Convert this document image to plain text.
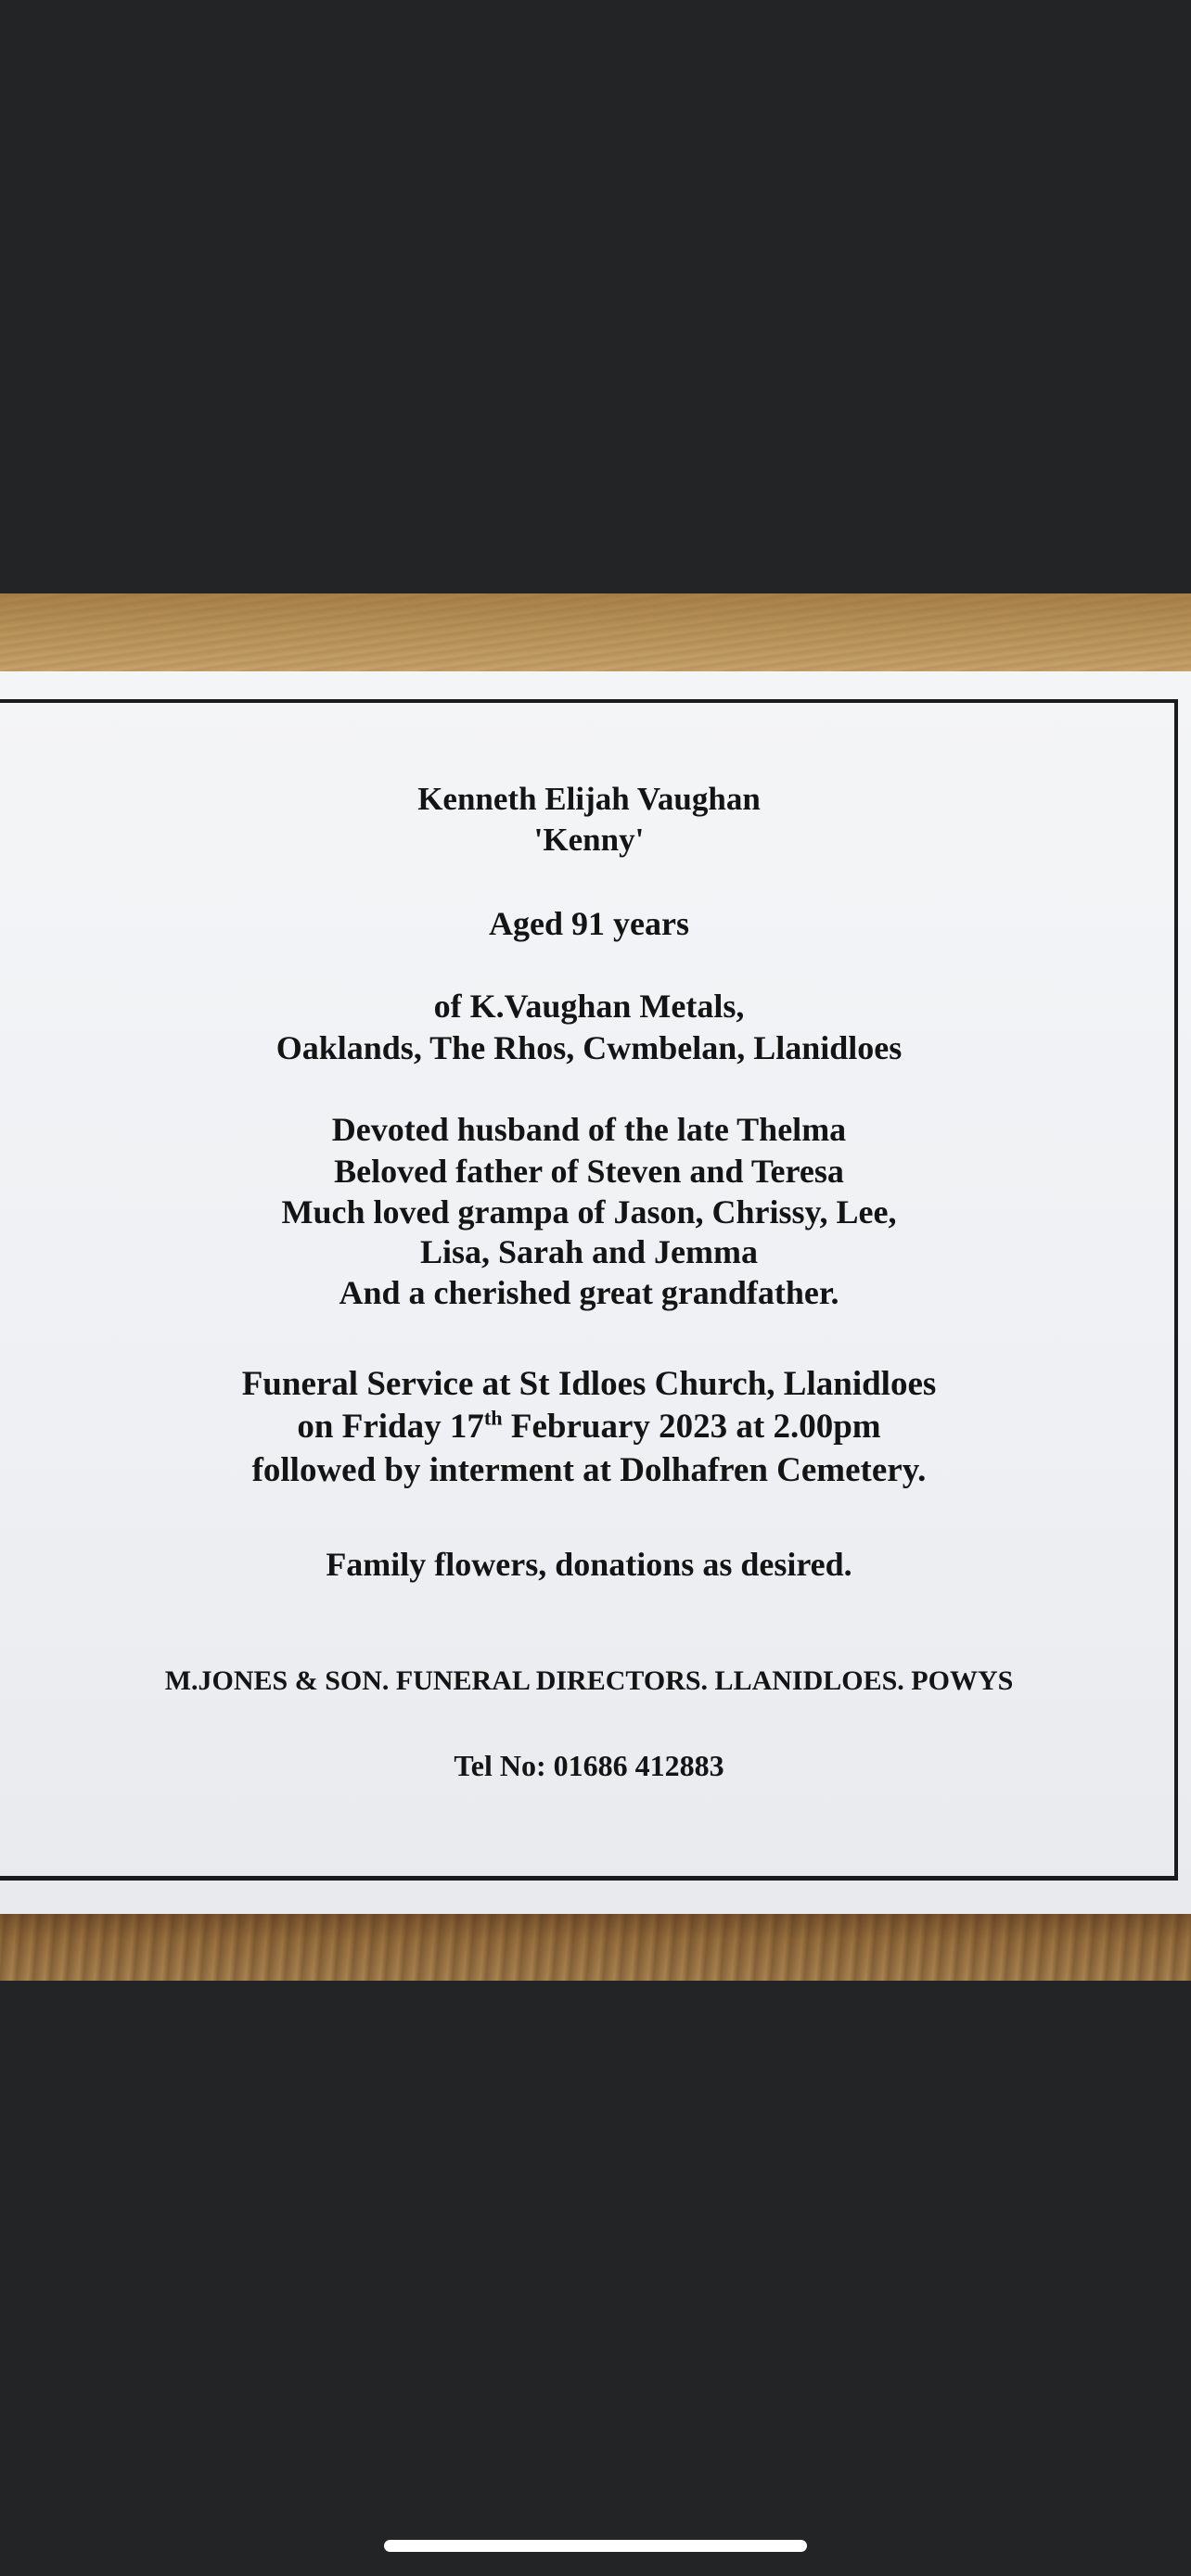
Kenneth Elijah Vaughan
'Kenny'
Aged 91 years
of K.Vaughan Metals,
Oaklands, The Rhos, Cwmbelan, Llanidloes
Devoted husband of the late Thelma
Beloved father of Steven and Teresa
Much loved grampa of Jason, Chrissy, Lee,
Lisa, Sarah and Jemma
And a cherished great grandfather.
Funeral Service at St Idloes Church, Llanidloes
on Friday 17th February 2023 at 2.00pm
followed by interment at Dolhafren Cemetery.
Family flowers, donations as desired.
M.JONES & SON. FUNERAL DIRECTORS. LLANIDLOES. POWYS
Tel No: 01686 412883
